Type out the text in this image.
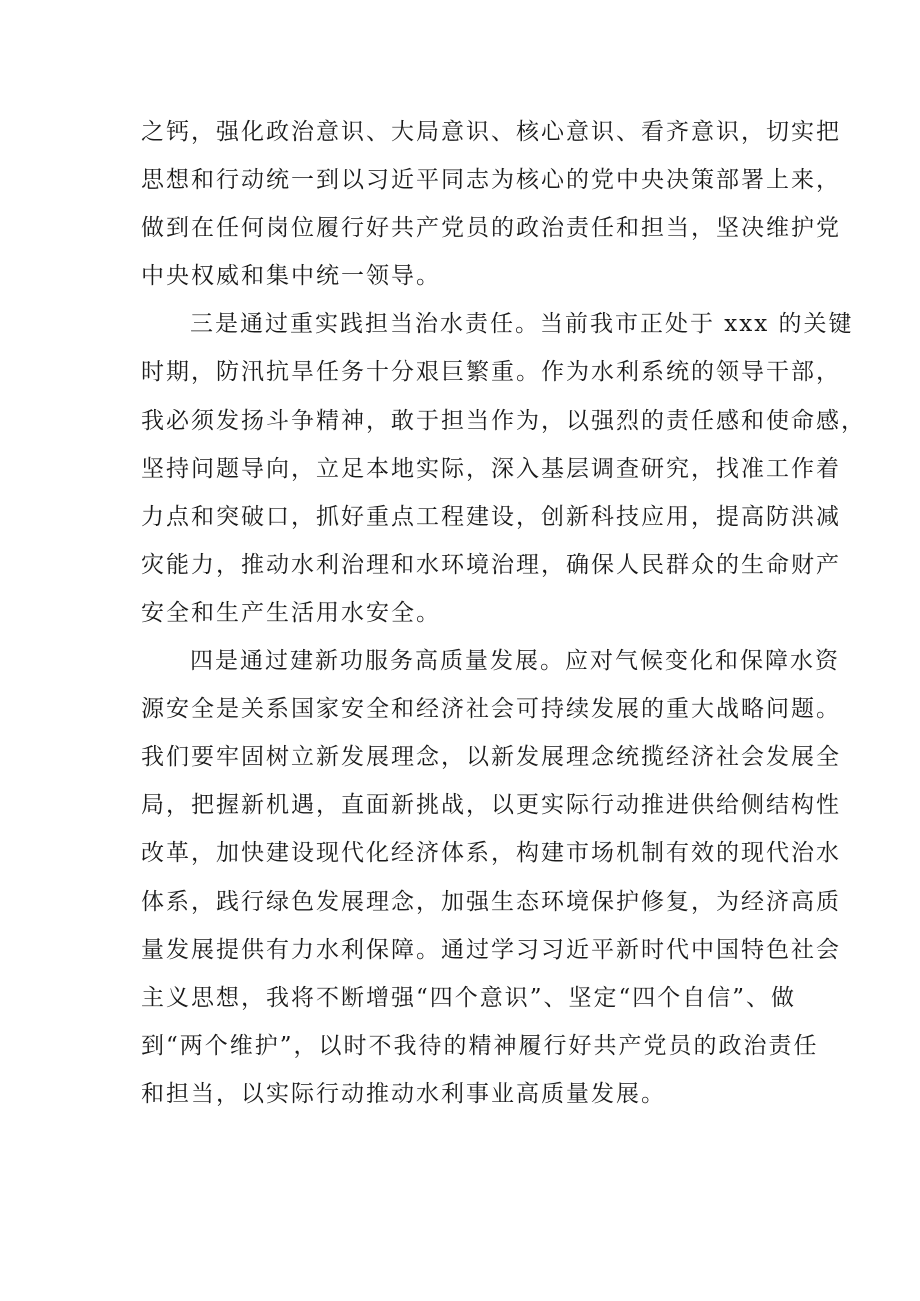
之钙，强化政治意识、大局意识、核心意识、看齐意识，切实把
思想和行动统一到以习近平同志为核心的党中央决策部署上来，
做到在任何岗位履行好共产党员的政治责任和担当，坚决维护党
中央权威和集中统一领导。
三是通过重实践担当治水责任。当前我市正处于 xxx 的关键
时期，防汛抗旱任务十分艰巨繁重。作为水利系统的领导干部，
我必须发扬斗争精神，敢于担当作为，以强烈的责任感和使命感，
坚持问题导向，立足本地实际，深入基层调查研究，找准工作着
力点和突破口，抓好重点工程建设，创新科技应用，提高防洪减
灾能力，推动水利治理和水环境治理，确保人民群众的生命财产
安全和生产生活用水安全。
四是通过建新功服务高质量发展。应对气候变化和保障水资
源安全是关系国家安全和经济社会可持续发展的重大战略问题。
我们要牢固树立新发展理念，以新发展理念统揽经济社会发展全
局，把握新机遇，直面新挑战，以更实际行动推进供给侧结构性
改革，加快建设现代化经济体系，构建市场机制有效的现代治水
体系，践行绿色发展理念，加强生态环境保护修复，为经济高质
量发展提供有力水利保障。通过学习习近平新时代中国特色社会
主义思想，我将不断增强“四个意识”、坚定“四个自信”、做
到“两个维护”，以时不我待的精神履行好共产党员的政治责任
和担当，以实际行动推动水利事业高质量发展。
